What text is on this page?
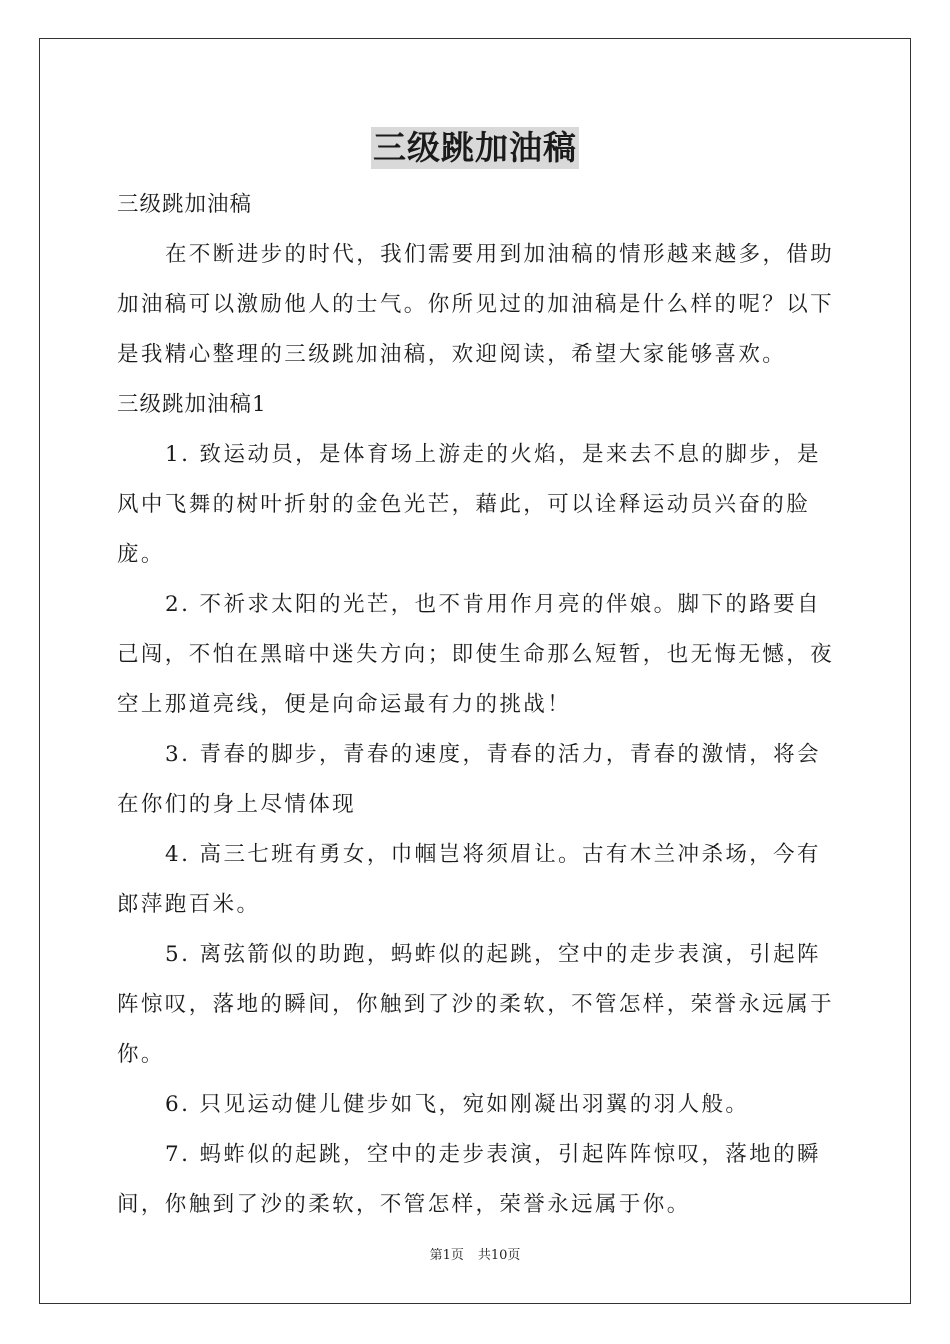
三级跳加油稿

三级跳加油稿

在不断进步的时代，我们需要用到加油稿的情形越来越多，借助加油稿可以激励他人的士气。你所见过的加油稿是什么样的呢？以下是我精心整理的三级跳加油稿，欢迎阅读，希望大家能够喜欢。

三级跳加油稿1

1. 致运动员，是体育场上游走的火焰，是来去不息的脚步，是风中飞舞的树叶折射的金色光芒，藉此，可以诠释运动员兴奋的脸庞。

2. 不祈求太阳的光芒，也不肯用作月亮的伴娘。脚下的路要自己闯，不怕在黑暗中迷失方向；即使生命那么短暂，也无悔无憾，夜空上那道亮线，便是向命运最有力的挑战！

3. 青春的脚步，青春的速度，青春的活力，青春的激情，将会在你们的身上尽情体现

4. 高三七班有勇女，巾帼岂将须眉让。古有木兰冲杀场，今有郎萍跑百米。

5. 离弦箭似的助跑，蚂蚱似的起跳，空中的走步表演，引起阵阵惊叹，落地的瞬间，你触到了沙的柔软，不管怎样，荣誉永远属于你。

6. 只见运动健儿健步如飞，宛如刚凝出羽翼的羽人般。

7. 蚂蚱似的起跳，空中的走步表演，引起阵阵惊叹，落地的瞬间，你触到了沙的柔软，不管怎样，荣誉永远属于你。

第1页 共10页
